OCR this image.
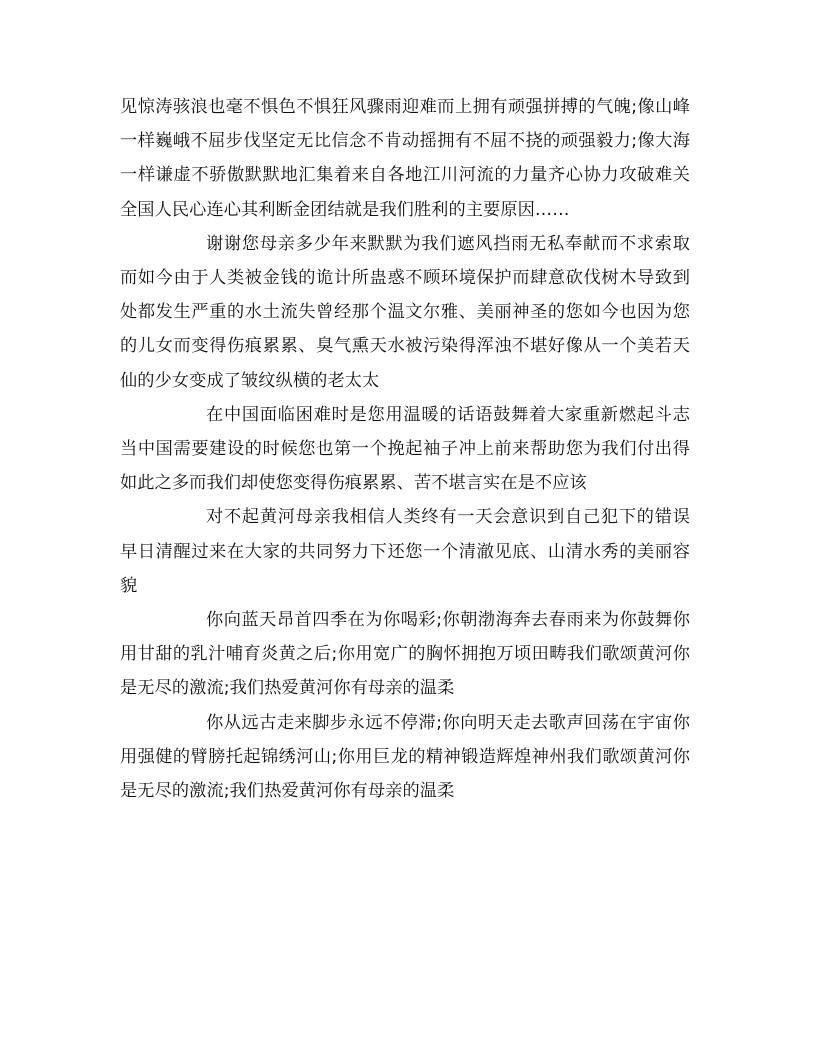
见惊涛骇浪也毫不惧色不惧狂风骤雨迎难而上拥有顽强拼搏的气魄;像山峰一样巍峨不屈步伐坚定无比信念不肯动摇拥有不屈不挠的顽强毅力;像大海一样谦虚不骄傲默默地汇集着来自各地江川河流的力量齐心协力攻破难关全国人民心连心其利断金团结就是我们胜利的主要原因……

谢谢您母亲多少年来默默为我们遮风挡雨无私奉献而不求索取而如今由于人类被金钱的诡计所蛊惑不顾环境保护而肆意砍伐树木导致到处都发生严重的水土流失曾经那个温文尔雅、美丽神圣的您如今也因为您的儿女而变得伤痕累累、臭气熏天水被污染得浑浊不堪好像从一个美若天仙的少女变成了皱纹纵横的老太太

在中国面临困难时是您用温暖的话语鼓舞着大家重新燃起斗志当中国需要建设的时候您也第一个挽起袖子冲上前来帮助您为我们付出得如此之多而我们却使您变得伤痕累累、苦不堪言实在是不应该

对不起黄河母亲我相信人类终有一天会意识到自己犯下的错误早日清醒过来在大家的共同努力下还您一个清澈见底、山清水秀的美丽容貌

你向蓝天昂首四季在为你喝彩;你朝渤海奔去春雨来为你鼓舞你用甘甜的乳汁哺育炎黄之后;你用宽广的胸怀拥抱万顷田畴我们歌颂黄河你是无尽的激流;我们热爱黄河你有母亲的温柔

你从远古走来脚步永远不停滞;你向明天走去歌声回荡在宇宙你用强健的臂膀托起锦绣河山;你用巨龙的精神锻造辉煌神州我们歌颂黄河你是无尽的激流;我们热爱黄河你有母亲的温柔
